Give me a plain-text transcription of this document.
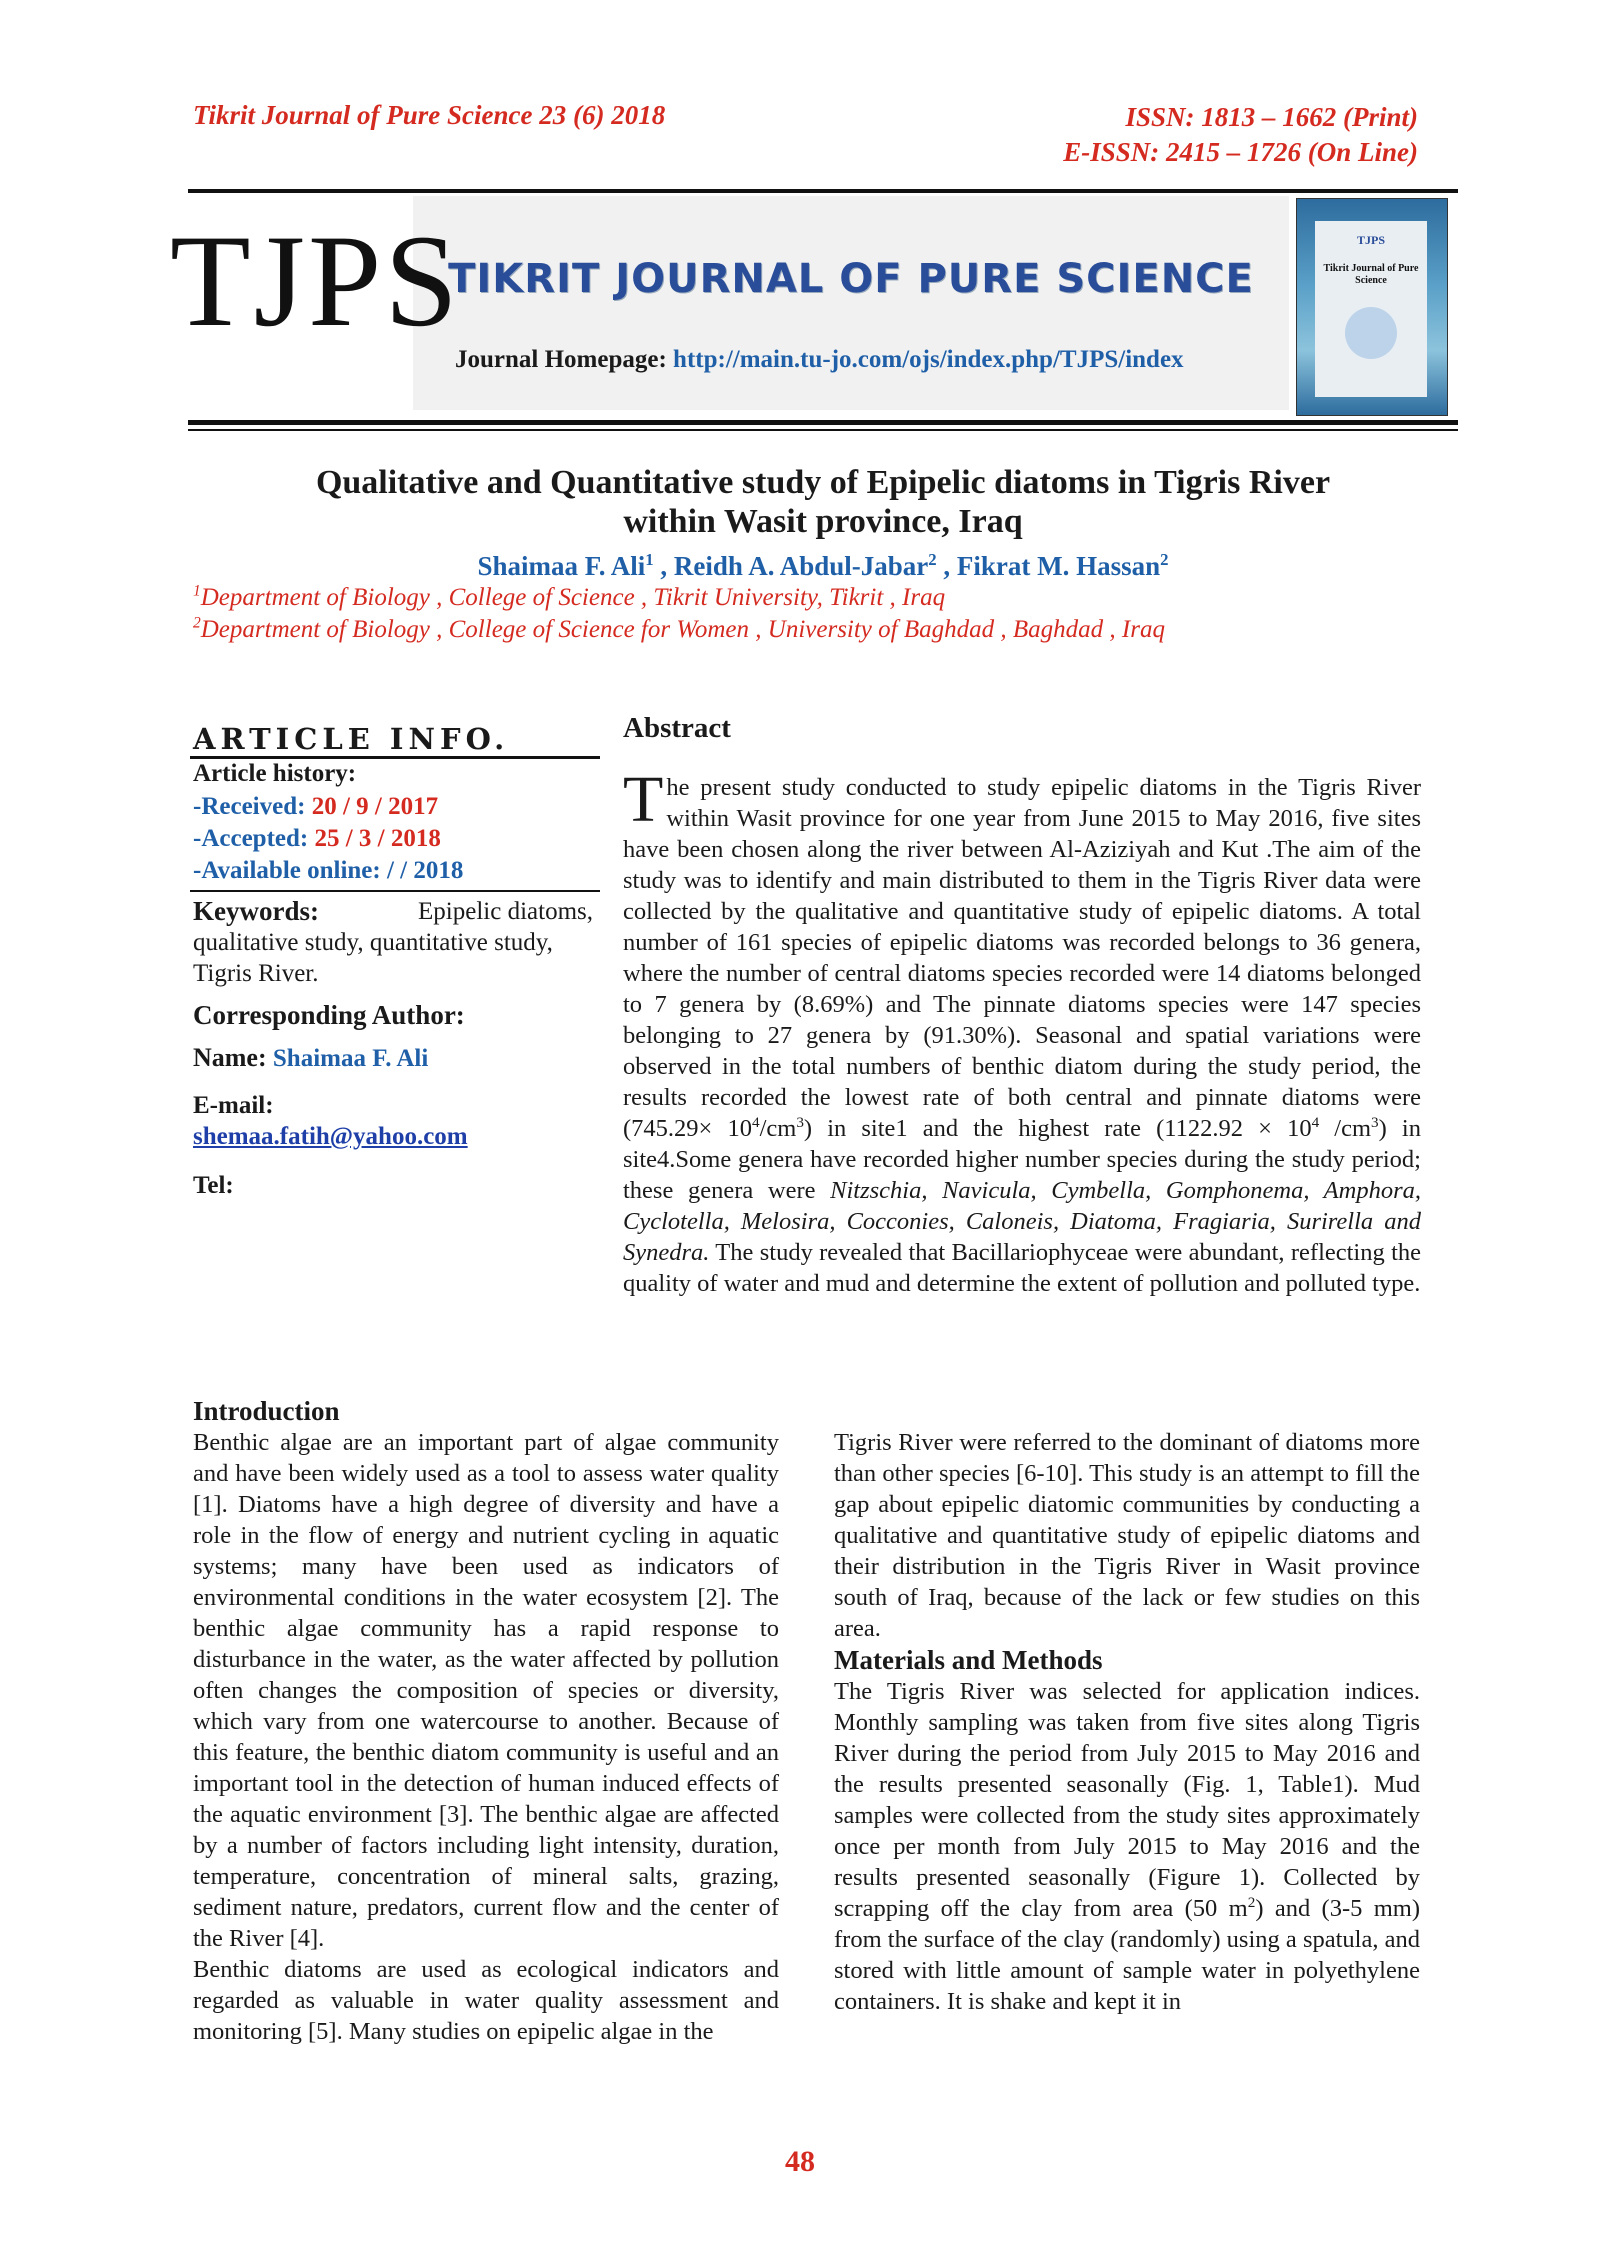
Tikrit Journal of Pure Science 23 (6) 2018	ISSN: 1813 – 1662 (Print)
E-ISSN: 2415 – 1726 (On Line)
TJPS
TIKRIT JOURNAL OF PURE SCIENCE
Journal Homepage: http://main.tu-jo.com/ojs/index.php/TJPS/index
TJPS
Tikrit Journal of Pure Science
Qualitative and Quantitative study of Epipelic diatoms in Tigris River
within Wasit province, Iraq
Shaimaa F. Ali$^1$ , Reidh A. Abdul-Jabar$^2$ , Fikrat M. Hassan$^2$
$^1$Department of Biology , College of Science , Tikrit University, Tikrit , Iraq
$^2$Department of Biology , College of Science for Women , University of Baghdad , Baghdad , Iraq
ARTICLE INFO.
Article history:
-Received: 20 / 9 / 2017
-Accepted: 25 / 3 / 2018
-Available online: / / 2018
Keywords:	Epipelic diatoms,
qualitative study, quantitative study,
Tigris River.
Corresponding Author:
Name: Shaimaa F. Ali
E-mail:
shemaa.fatih@yahoo.com
Tel:
Abstract
The present study conducted to study epipelic diatoms in the Tigris River within Wasit province for one year from June 2015 to May 2016, five sites have been chosen along the river between Al-Aziziyah and Kut .The aim of the study was to identify and main distributed to them in the Tigris River data were collected by the qualitative and quantitative study of epipelic diatoms. A total number of 161 species of epipelic diatoms was recorded belongs to 36 genera, where the number of central diatoms species recorded were 14 diatoms belonged to 7 genera by (8.69%) and The pinnate diatoms species were 147 species belonging to 27 genera by (91.30%). Seasonal and spatial variations were observed in the total numbers of benthic diatom during the study period, the results recorded the lowest rate of both central and pinnate diatoms were $(745.29\times 10^4/cm^3)$ in site1 and the highest rate ($1122.92 \times 10^4$ $/cm^3$) in site4.Some genera have recorded higher number species during the study period; these genera were Nitzschia, Navicula, Cymbella, Gomphonema, Amphora, Cyclotella, Melosira, Cocconies, Caloneis, Diatoma, Fragiaria, Surirella and Synedra. The study revealed that Bacillariophyceae were abundant, reflecting the quality of water and mud and determine the extent of pollution and polluted type.
Introduction

Benthic algae are an important part of algae community and have been widely used as a tool to assess water quality [1]. Diatoms have a high degree of diversity and have a role in the flow of energy and nutrient cycling in aquatic systems; many have been used as indicators of environmental conditions in the water ecosystem [2]. The benthic algae community has a rapid response to disturbance in the water, as the water affected by pollution often changes the composition of species or diversity, which vary from one watercourse to another. Because of this feature, the benthic diatom community is useful and an important tool in the detection of human induced effects of the aquatic environment [3]. The benthic algae are affected by a number of factors including light intensity, duration, temperature, concentration of mineral salts, grazing, sediment nature, predators, current flow and the center of the River [4].

Benthic diatoms are used as ecological indicators and regarded as valuable in water quality assessment and monitoring [5]. Many studies on epipelic algae in the

Tigris River were referred to the dominant of diatoms more than other species [6-10]. This study is an attempt to fill the gap about epipelic diatomic communities by conducting a qualitative and quantitative study of epipelic diatoms and their distribution in the Tigris River in Wasit province south of Iraq, because of the lack or few studies on this area.

Materials and Methods

The Tigris River was selected for application indices. Monthly sampling was taken from five sites along Tigris River during the period from July 2015 to May 2016 and the results presented seasonally (Fig. 1, Table1). Mud samples were collected from the study sites approximately once per month from July 2015 to May 2016 and the results presented seasonally (Figure 1). Collected by scrapping off the clay from area (50 $m^2$) and (3-5 mm) from the surface of the clay (randomly) using a spatula, and stored with little amount of sample water in polyethylene containers. It is shake and kept it in

48
